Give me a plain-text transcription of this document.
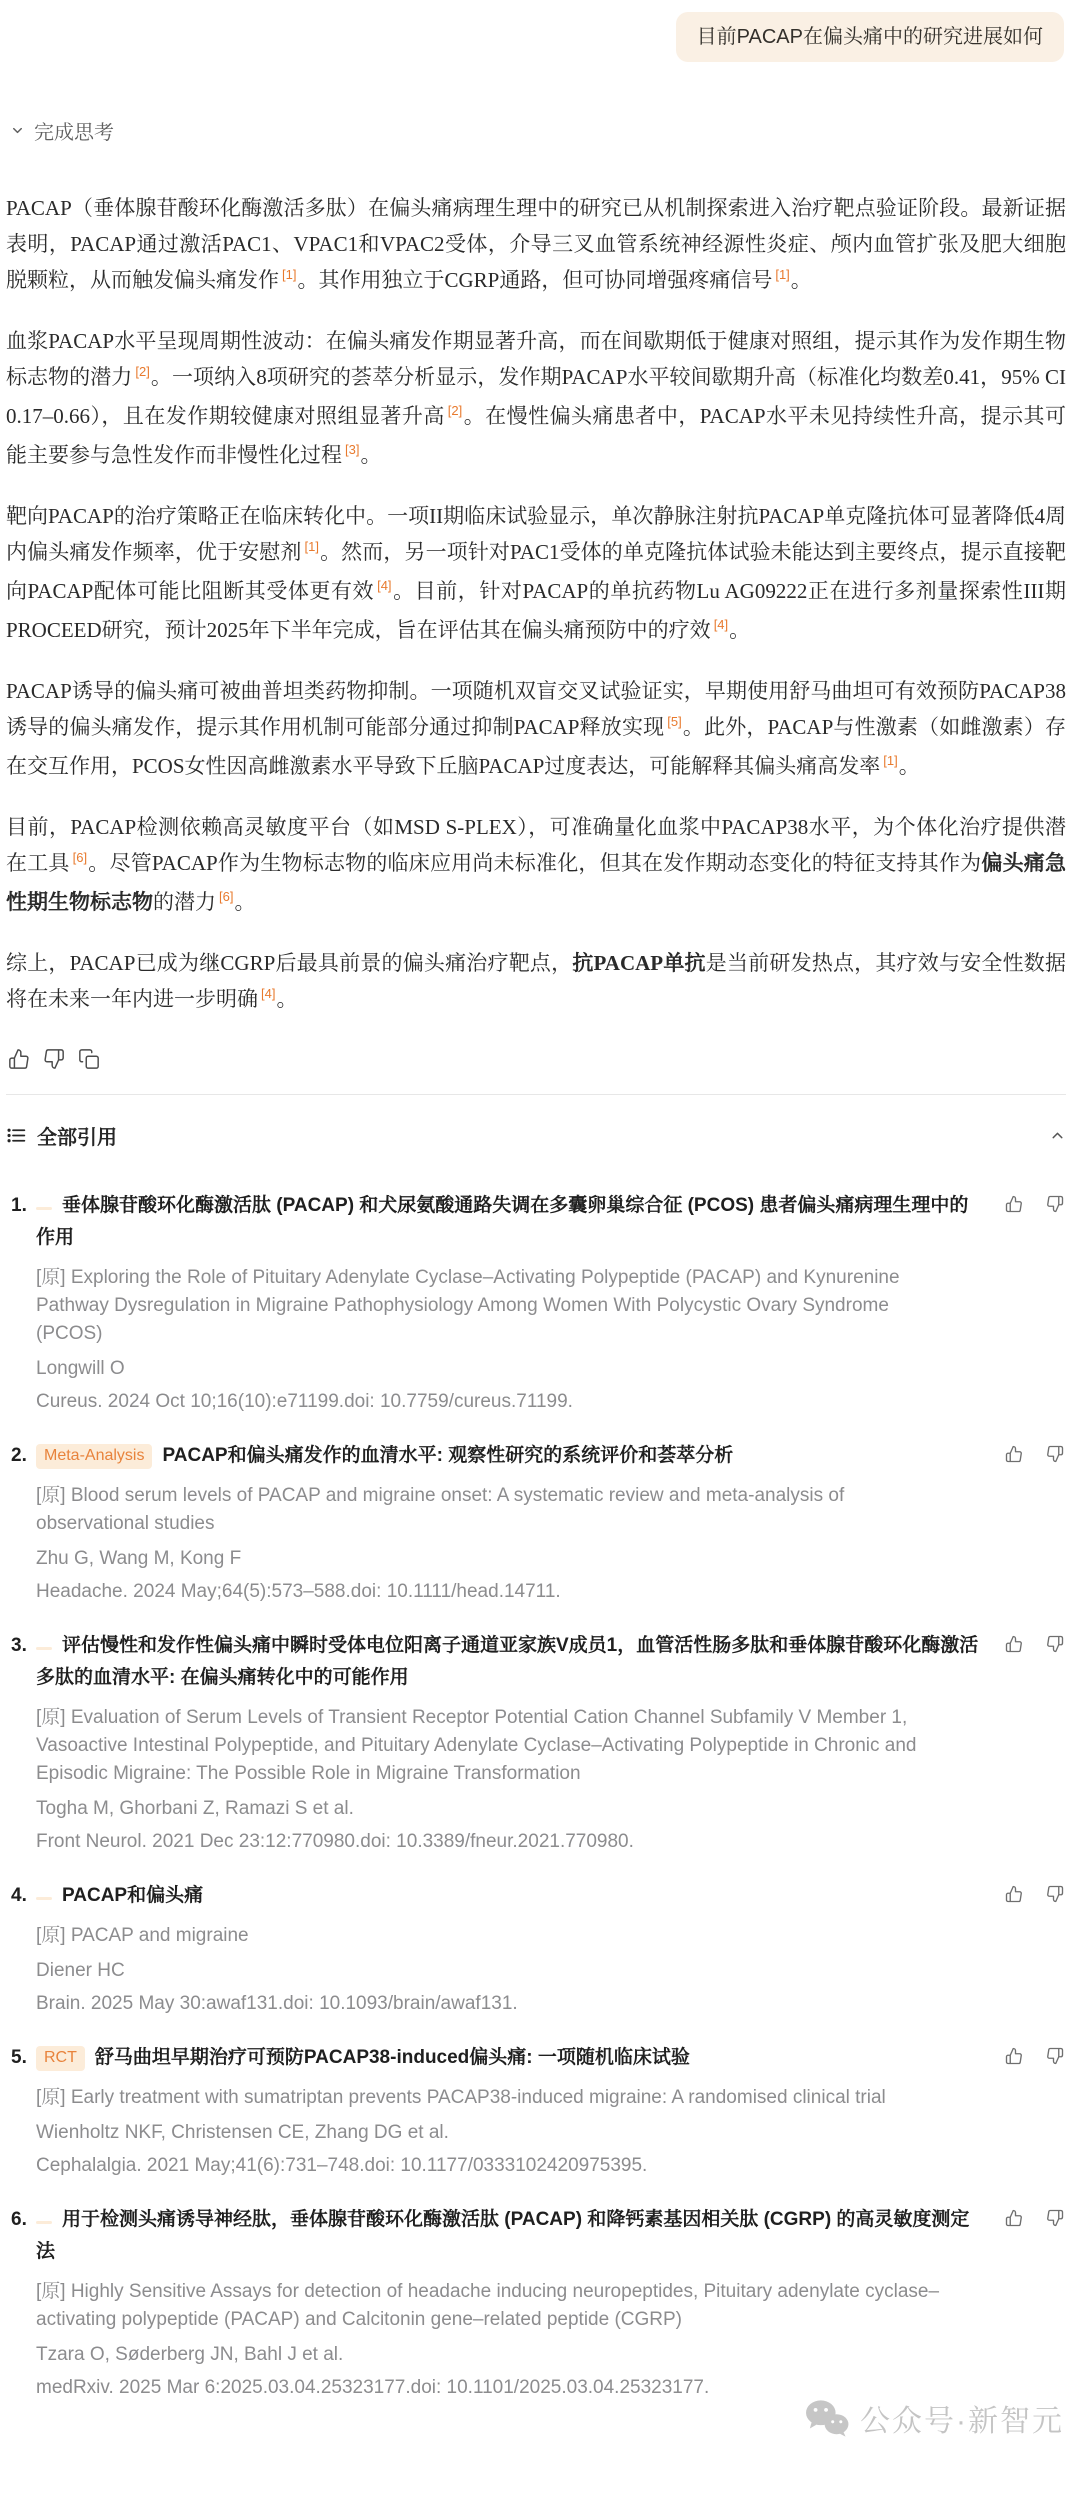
目前PACAP在偏头痛中的研究进展如何
完成思考

PACAP（垂体腺苷酸环化酶激活多肽）在偏头痛病理生理中的研究已从机制探索进入治疗靶点验证阶段。最新证据表明，PACAP通过激活PAC1、VPAC1和VPAC2受体，介导三叉血管系统神经源性炎症、颅内血管扩张及肥大细胞脱颗粒，从而触发偏头痛发作 [1]。其作用独立于CGRP通路，但可协同增强疼痛信号 [1]。

血浆PACAP水平呈现周期性波动：在偏头痛发作期显著升高，而在间歇期低于健康对照组，提示其作为发作期生物标志物的潜力 [2]。一项纳入8项研究的荟萃分析显示，发作期PACAP水平较间歇期升高（标准化均数差0.41，95% CI 0.17–0.66），且在发作期较健康对照组显著升高 [2]。在慢性偏头痛患者中，PACAP水平未见持续性升高，提示其可能主要参与急性发作而非慢性化过程 [3]。

靶向PACAP的治疗策略正在临床转化中。一项II期临床试验显示，单次静脉注射抗PACAP单克隆抗体可显著降低4周内偏头痛发作频率，优于安慰剂 [1]。然而，另一项针对PAC1受体的单克隆抗体试验未能达到主要终点，提示直接靶向PACAP配体可能比阻断其受体更有效 [4]。目前，针对PACAP的单抗药物Lu AG09222正在进行多剂量探索性III期PROCEED研究，预计2025年下半年完成，旨在评估其在偏头痛预防中的疗效 [4]。

PACAP诱导的偏头痛可被曲普坦类药物抑制。一项随机双盲交叉试验证实，早期使用舒马曲坦可有效预防PACAP38诱导的偏头痛发作，提示其作用机制可能部分通过抑制PACAP释放实现 [5]。此外，PACAP与性激素（如雌激素）存在交互作用，PCOS女性因高雌激素水平导致下丘脑PACAP过度表达，可能解释其偏头痛高发率 [1]。

目前，PACAP检测依赖高灵敏度平台（如MSD S-PLEX），可准确量化血浆中PACAP38水平，为个体化治疗提供潜在工具 [6]。尽管PACAP作为生物标志物的临床应用尚未标准化，但其在发作期动态变化的特征支持其作为偏头痛急性期生物标志物的潜力 [6]。

综上，PACAP已成为继CGRP后最具前景的偏头痛治疗靶点，抗PACAP单抗是当前研发热点，其疗效与安全性数据将在未来一年内进一步明确 [4]。

全部引用
1.	垂体腺苷酸环化酶激活肽 (PACAP) 和犬尿氨酸通路失调在多囊卵巢综合征 (PCOS) 患者偏头痛病理生理中的作用
[原] Exploring the Role of Pituitary Adenylate Cyclase–Activating Polypeptide (PACAP) and Kynurenine Pathway Dysregulation in Migraine Pathophysiology Among Women With Polycystic Ovary Syndrome (PCOS)
Longwill O
Cureus. 2024 Oct 10;16(10):e71199.doi: 10.7759/cureus.71199.
2.	Meta-Analysis PACAP和偏头痛发作的血清水平: 观察性研究的系统评价和荟萃分析
[原] Blood serum levels of PACAP and migraine onset: A systematic review and meta-analysis of observational studies
Zhu G, Wang M, Kong F
Headache. 2024 May;64(5):573–588.doi: 10.1111/head.14711.
3.	评估慢性和发作性偏头痛中瞬时受体电位阳离子通道亚家族V成员1，血管活性肠多肽和垂体腺苷酸环化酶激活多肽的血清水平: 在偏头痛转化中的可能作用
[原] Evaluation of Serum Levels of Transient Receptor Potential Cation Channel Subfamily V Member 1, Vasoactive Intestinal Polypeptide, and Pituitary Adenylate Cyclase–Activating Polypeptide in Chronic and Episodic Migraine: The Possible Role in Migraine Transformation
Togha M, Ghorbani Z, Ramazi S et al.
Front Neurol. 2021 Dec 23:12:770980.doi: 10.3389/fneur.2021.770980.
4.	PACAP和偏头痛
[原] PACAP and migraine
Diener HC
Brain. 2025 May 30:awaf131.doi: 10.1093/brain/awaf131.
5.	RCT 舒马曲坦早期治疗可预防PACAP38-induced偏头痛: 一项随机临床试验
[原] Early treatment with sumatriptan prevents PACAP38-induced migraine: A randomised clinical trial
Wienholtz NKF, Christensen CE, Zhang DG et al.
Cephalalgia. 2021 May;41(6):731–748.doi: 10.1177/0333102420975395.
6.	用于检测头痛诱导神经肽，垂体腺苷酸环化酶激活肽 (PACAP) 和降钙素基因相关肽 (CGRP) 的高灵敏度测定法
[原] Highly Sensitive Assays for detection of headache inducing neuropeptides, Pituitary adenylate cyclase–activating polypeptide (PACAP) and Calcitonin gene–related peptide (CGRP)
Tzara O, Søderberg JN, Bahl J et al.
medRxiv. 2025 Mar 6:2025.03.04.25323177.doi: 10.1101/2025.03.04.25323177.
公众号·新智元
